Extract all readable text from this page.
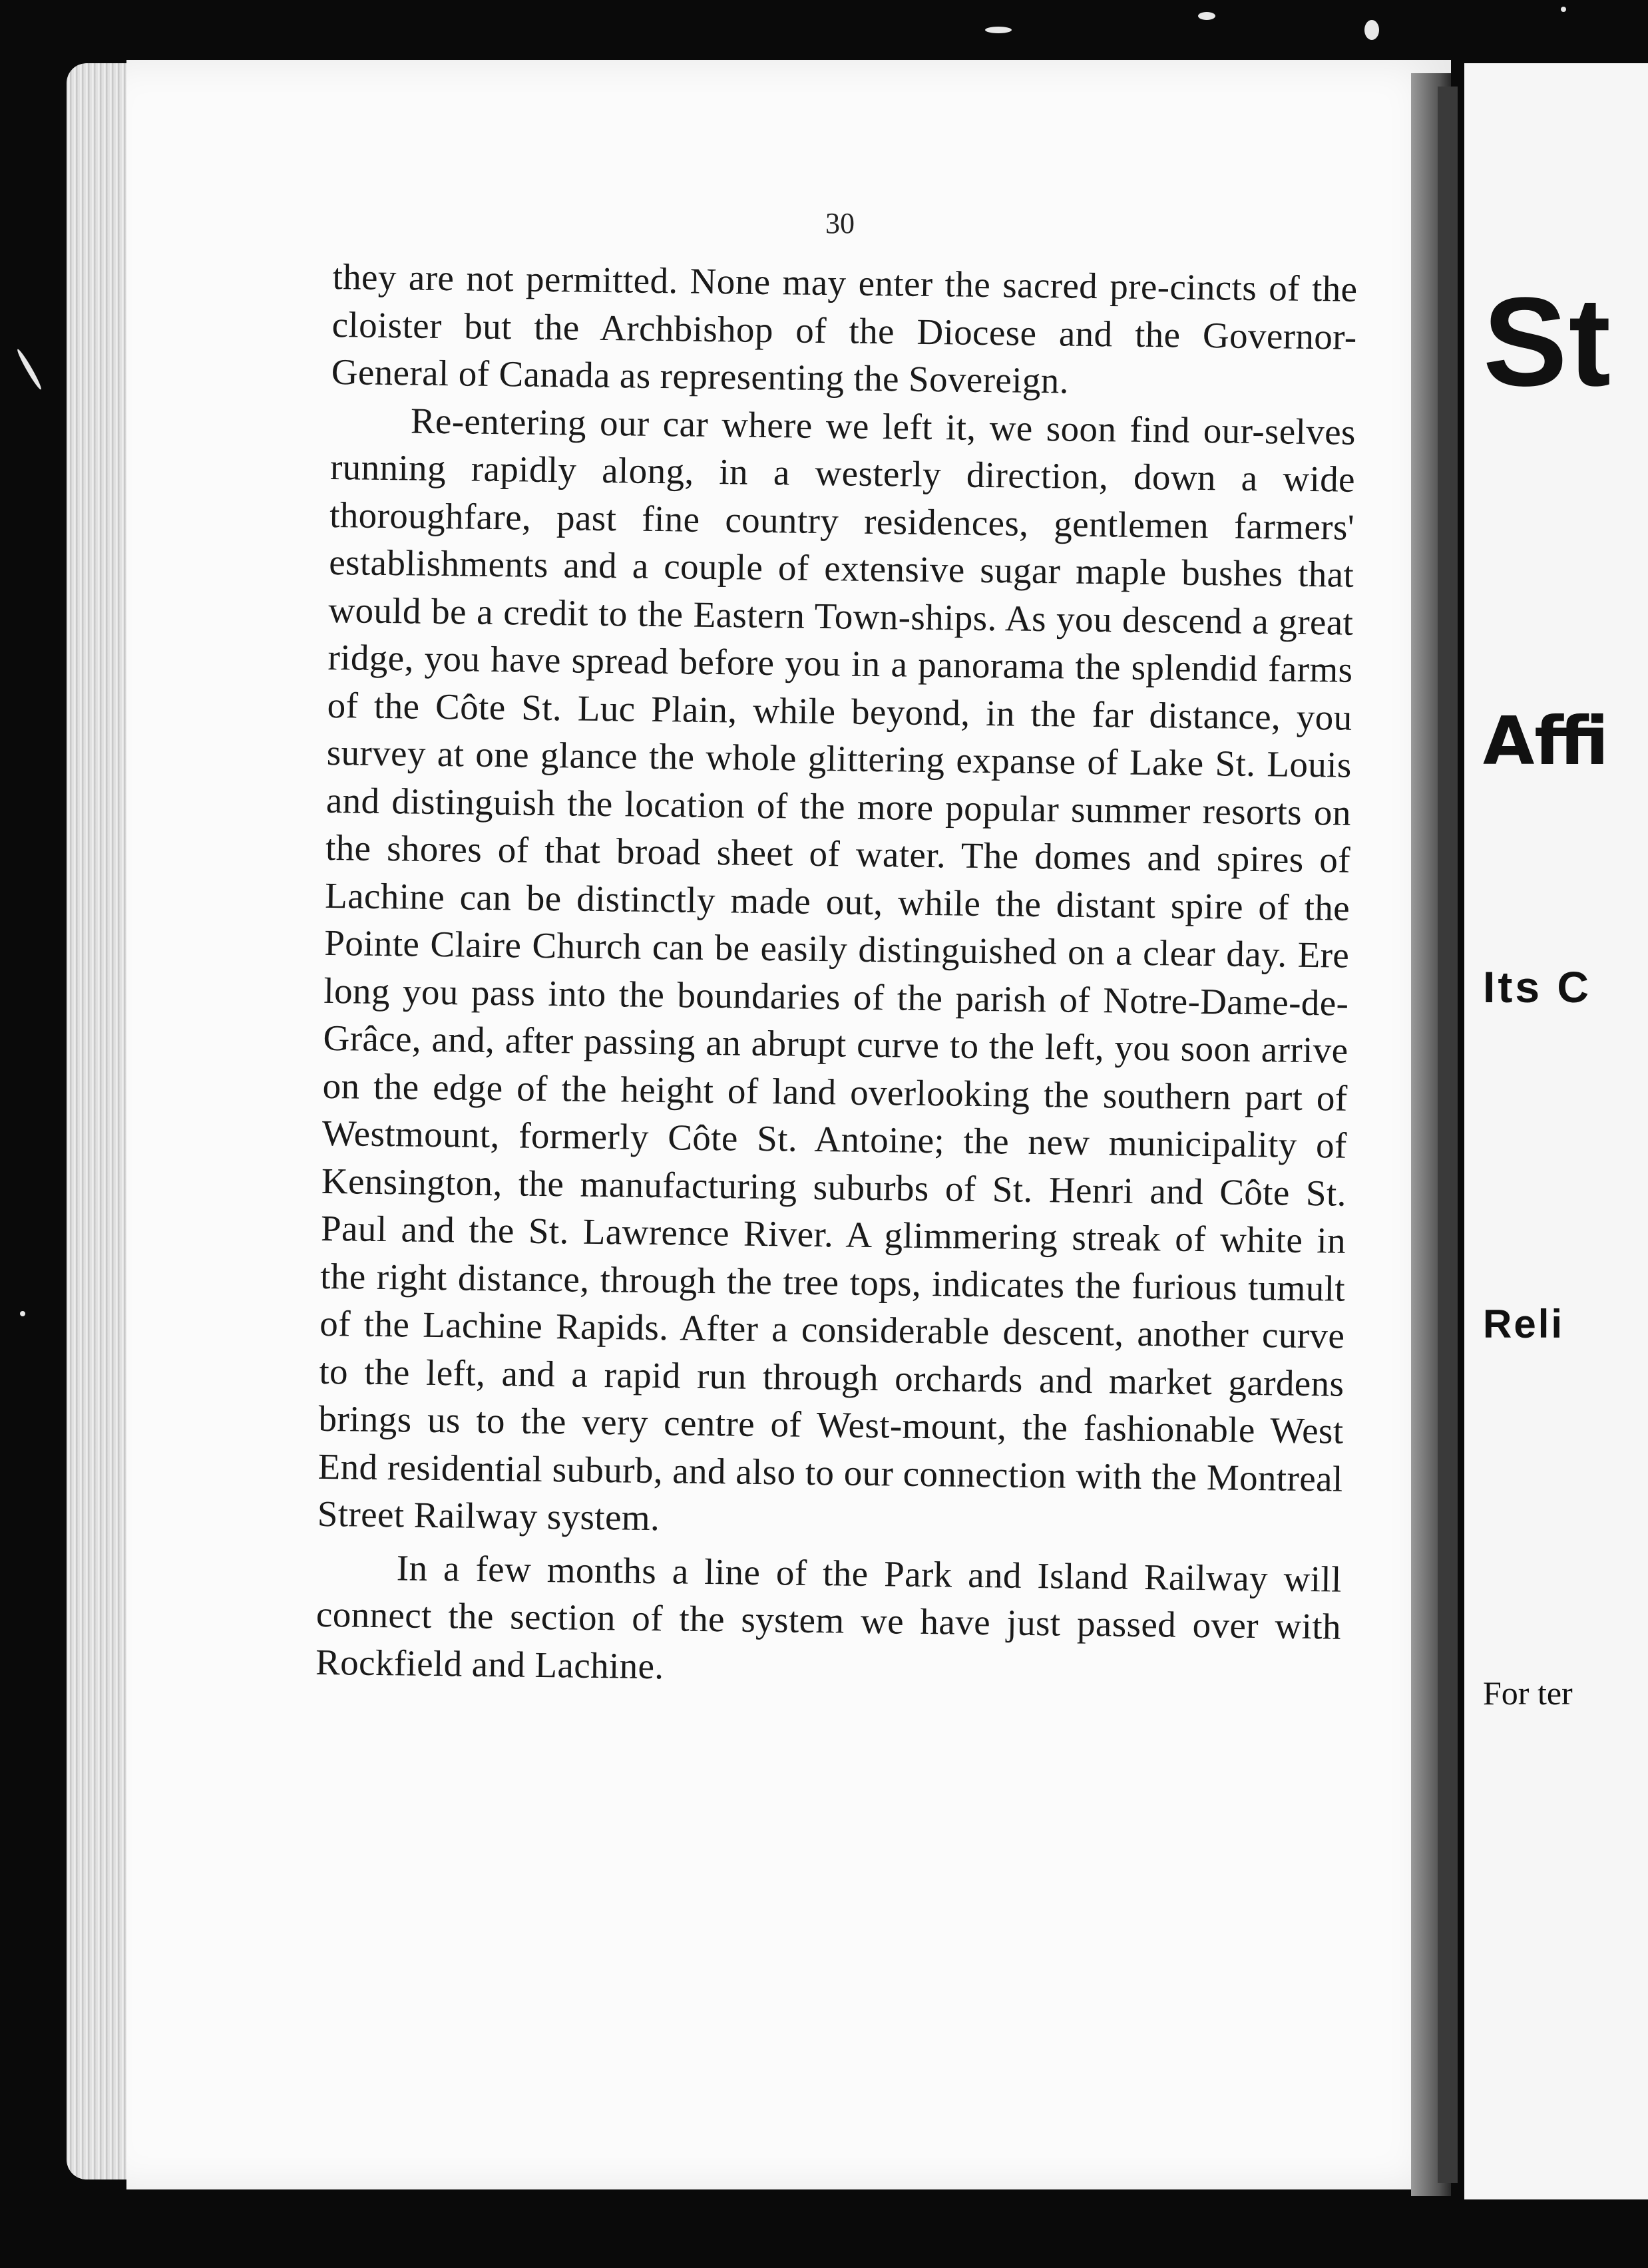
30

they are not permitted. None may enter the sacred pre-cincts of the cloister but the Archbishop of the Diocese and the Governor-General of Canada as representing the Sovereign.

Re-entering our car where we left it, we soon find our-selves running rapidly along, in a westerly direction, down a wide thoroughfare, past fine country residences, gentlemen farmers' establishments and a couple of extensive sugar maple bushes that would be a credit to the Eastern Town-ships. As you descend a great ridge, you have spread before you in a panorama the splendid farms of the Côte St. Luc Plain, while beyond, in the far distance, you survey at one glance the whole glittering expanse of Lake St. Louis and distinguish the location of the more popular summer resorts on the shores of that broad sheet of water. The domes and spires of Lachine can be distinctly made out, while the distant spire of the Pointe Claire Church can be easily distinguished on a clear day. Ere long you pass into the boundaries of the parish of Notre-Dame-de-Grâce, and, after passing an abrupt curve to the left, you soon arrive on the edge of the height of land overlooking the southern part of Westmount, formerly Côte St. Antoine; the new municipality of Kensington, the manufacturing suburbs of St. Henri and Côte St. Paul and the St. Lawrence River. A glimmering streak of white in the right distance, through the tree tops, indicates the furious tumult of the Lachine Rapids. After a considerable descent, another curve to the left, and a rapid run through orchards and market gardens brings us to the very centre of West-mount, the fashionable West End residential suburb, and also to our connection with the Montreal Street Railway system.

In a few months a line of the Park and Island Railway will connect the section of the system we have just passed over with Rockfield and Lachine.

St
Affi
Its C
Reli
For ter
